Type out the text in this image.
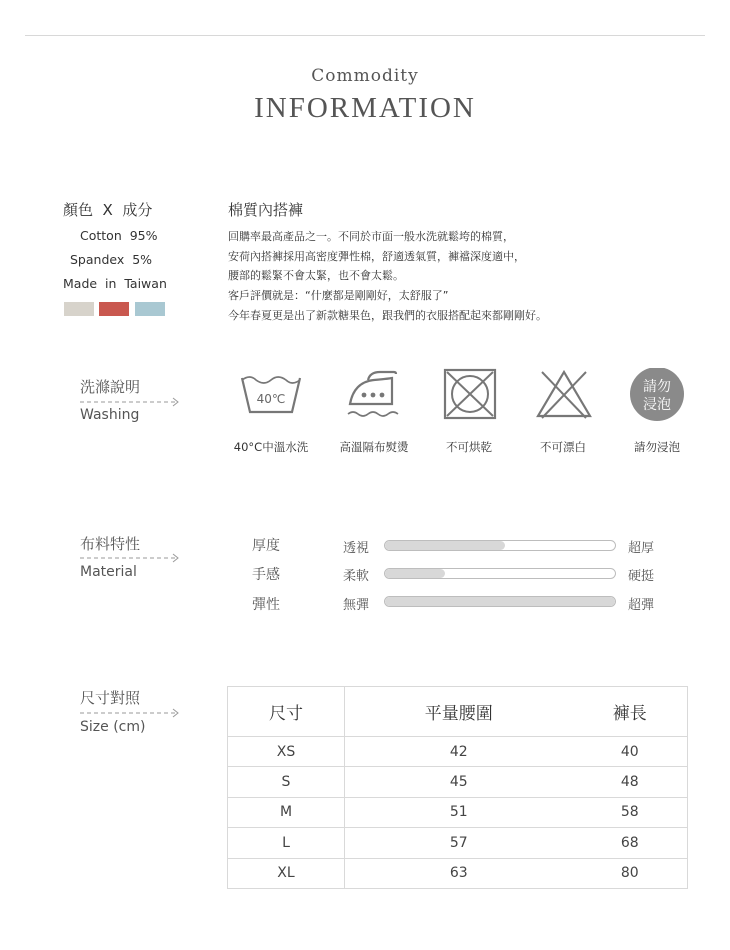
Commodity
INFORMATION
顏色  X  成分
Cotton  95%
Spandex  5%
Made  in  Taiwan
棉質內搭褲
回購率最高產品之一。不同於市面一般水洗就鬆垮的棉質，
安荷內搭褲採用高密度彈性棉，舒適透氣質，褲襠深度適中，
腰部的鬆緊不會太緊，也不會太鬆。
客戶評價就是：“什麼都是剛剛好，太舒服了”
今年春夏更是出了新款糖果色，跟我們的衣服搭配起來都剛剛好。
洗滌說明
Washing
40℃
請勿
浸泡
40°C中溫水洗	高溫隔布熨燙	不可烘乾	不可漂白	請勿浸泡
布料特性
Material
厚度	透視	超厚
手感	柔軟	硬挺
彈性	無彈	超彈
尺寸對照
Size (cm)
尺寸	平量腰圍	褲長
XS	42	40
S	45	48
M	51	58
L	57	68
XL	63	80
